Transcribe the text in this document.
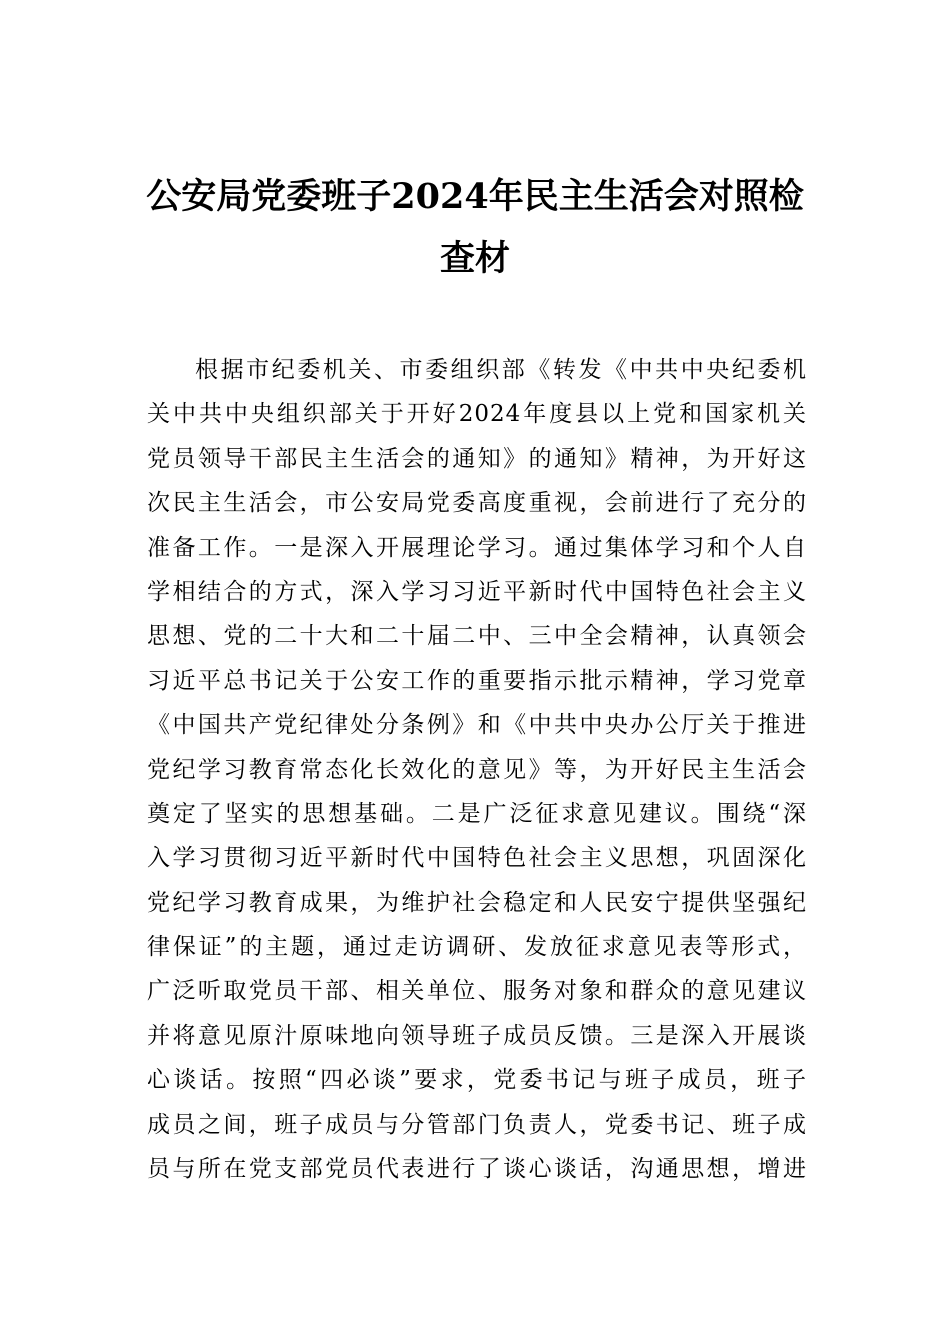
公安局党委班子2024年民主生活会对照检
查材
根据市纪委机关、市委组织部《转发《中共中央纪委机
关中共中央组织部关于开好2024年度县以上党和国家机关
党员领导干部民主生活会的通知》的通知》精神，为开好这
次民主生活会，市公安局党委高度重视，会前进行了充分的
准备工作。一是深入开展理论学习。通过集体学习和个人自
学相结合的方式，深入学习习近平新时代中国特色社会主义
思想、党的二十大和二十届二中、三中全会精神，认真领会
习近平总书记关于公安工作的重要指示批示精神，学习党章
《中国共产党纪律处分条例》和《中共中央办公厅关于推进
党纪学习教育常态化长效化的意见》等，为开好民主生活会
奠定了坚实的思想基础。二是广泛征求意见建议。围绕“深
入学习贯彻习近平新时代中国特色社会主义思想，巩固深化
党纪学习教育成果，为维护社会稳定和人民安宁提供坚强纪
律保证”的主题，通过走访调研、发放征求意见表等形式，
广泛听取党员干部、相关单位、服务对象和群众的意见建议
并将意见原汁原味地向领导班子成员反馈。三是深入开展谈
心谈话。按照“四必谈”要求，党委书记与班子成员，班子
成员之间，班子成员与分管部门负责人，党委书记、班子成
员与所在党支部党员代表进行了谈心谈话，沟通思想，增进
